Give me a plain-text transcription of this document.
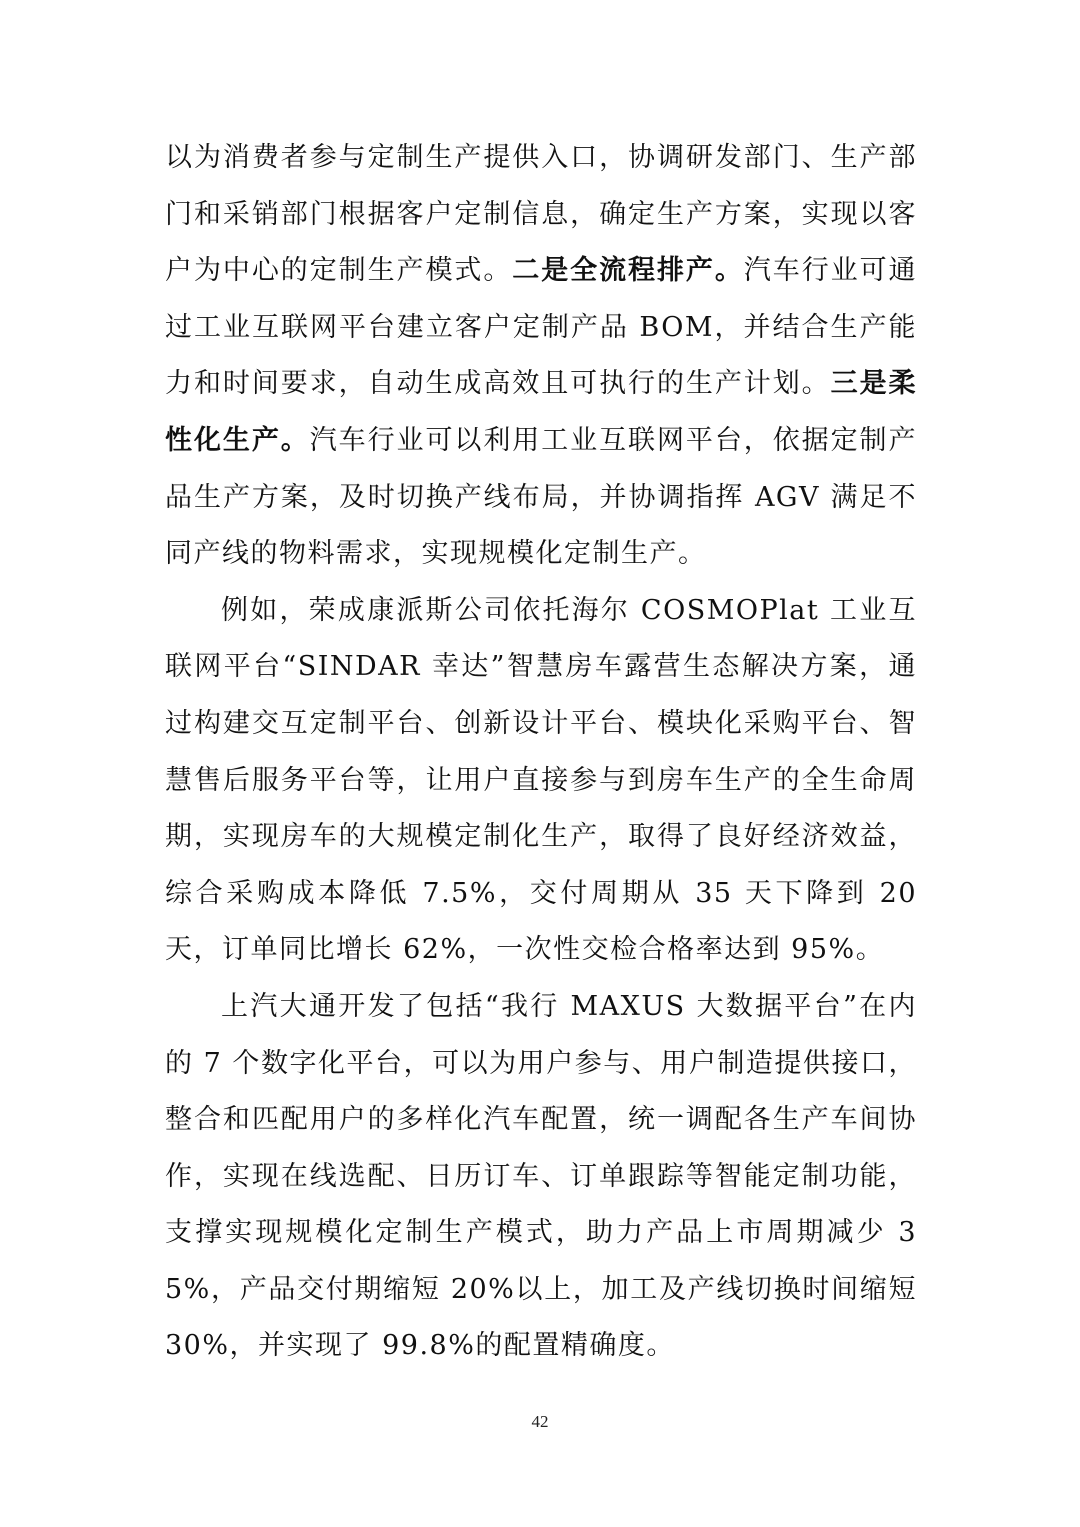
以为消费者参与定制生产提供入口，协调研发部门、生产部门和采销部门根据客户定制信息，确定生产方案，实现以客户为中心的定制生产模式。二是全流程排产。汽车行业可通过工业互联网平台建立客户定制产品 BOM，并结合生产能力和时间要求，自动生成高效且可执行的生产计划。三是柔性化生产。汽车行业可以利用工业互联网平台，依据定制产品生产方案，及时切换产线布局，并协调指挥 AGV 满足不同产线的物料需求，实现规模化定制生产。

例如，荣成康派斯公司依托海尔 COSMOPlat 工业互联网平台“SINDAR 幸达”智慧房车露营生态解决方案，通过构建交互定制平台、创新设计平台、模块化采购平台、智慧售后服务平台等，让用户直接参与到房车生产的全生命周期，实现房车的大规模定制化生产，取得了良好经济效益，综合采购成本降低 7.5%，交付周期从 35 天下降到 20 天，订单同比增长 62%，一次性交检合格率达到 95%。

上汽大通开发了包括“我行 MAXUS 大数据平台”在内的 7 个数字化平台，可以为用户参与、用户制造提供接口，整合和匹配用户的多样化汽车配置，统一调配各生产车间协作，实现在线选配、日历订车、订单跟踪等智能定制功能，支撑实现规模化定制生产模式，助力产品上市周期减少 35%，产品交付期缩短 20%以上，加工及产线切换时间缩短 30%，并实现了 99.8%的配置精确度。

42
